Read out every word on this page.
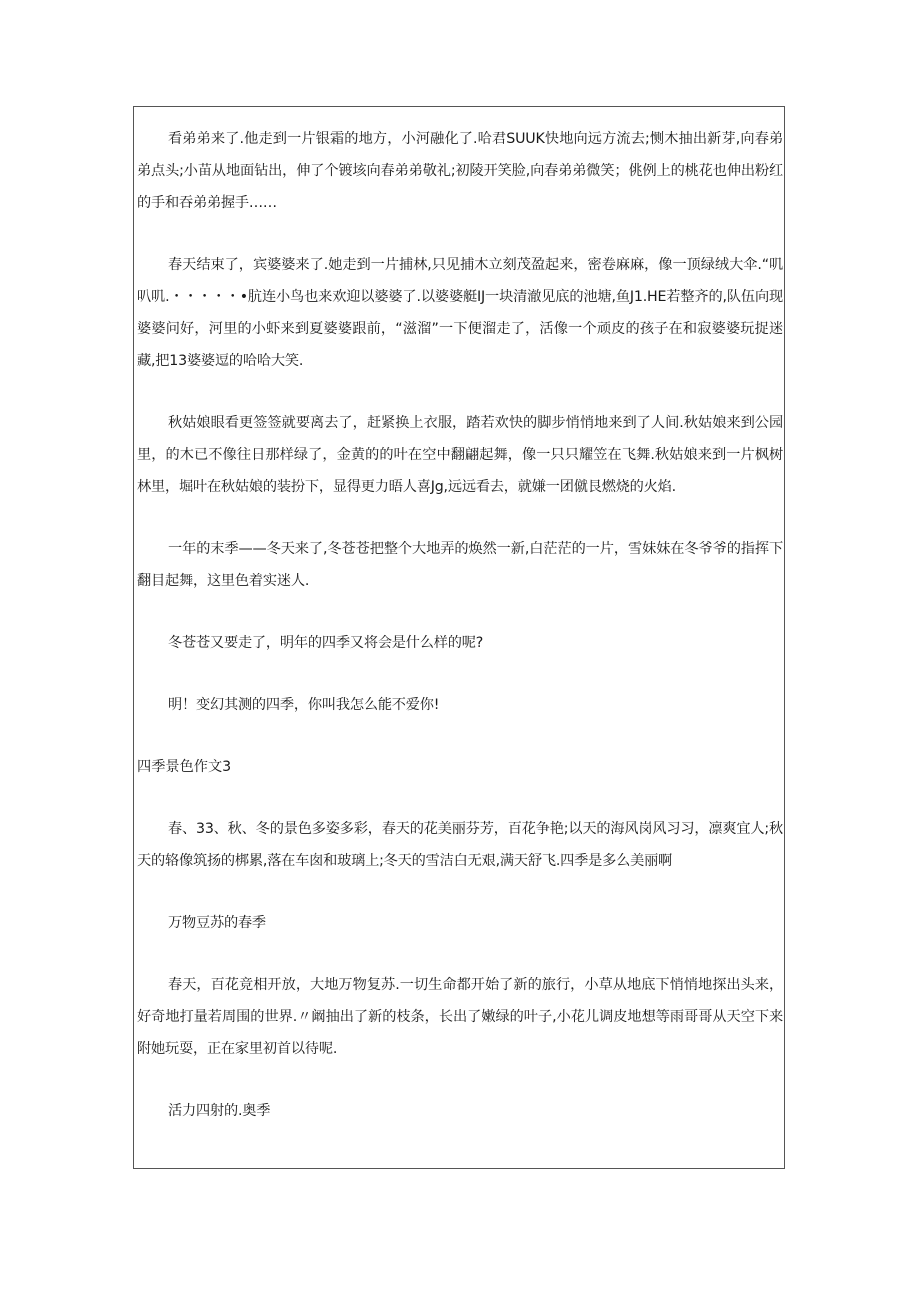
看弟弟来了.他走到一片银霜的地方，小河融化了.哈君SUUK快地向远方流去;恻木抽出新芽,向春弟弟点头;小苗从地面钻出，伸了个镀垓向春弟弟敬礼;初陵开笑脸,向春弟弟微笑；佻例上的桃花也伸出粉红的手和吞弟弟握手……

春天结束了，宾婆婆来了.她走到一片捕林,只见捕木立刻茂盈起来，密卷麻麻，像一顶绿绒大伞.“叽叭叽.・・・・・•肮连小鸟也来欢迎以婆婆了.以婆婆艇IJ一块清澈见底的池塘,鱼J1.HE若整齐的,队伍向现婆婆问好，河里的小虾来到夏婆婆跟前，“滋溜”一下便溜走了，活像一个顽皮的孩子在和寂婆婆玩捉迷藏,把13婆婆逗的哈哈大笑.

秋姑娘眼看更签签就要离去了，赶紧换上衣服，踏若欢快的脚步悄悄地来到了人间.秋姑娘来到公园里，的木已不像往日那样绿了，金黄的的叶在空中翻翩起舞，像一只只耀笠在飞舞.秋姑娘来到一片枫树林里，堀叶在秋姑娘的装扮下，显得更力晤人喜Jg,远远看去，就嫌一团僦艮燃烧的火焰.

一年的末季——冬天来了,冬苍苍把整个大地弄的焕然一新,白茫茫的一片，雪妹妹在冬爷爷的指挥下翻目起舞，这里色着实迷人.

冬苍苍又要走了，明年的四季又将会是什么样的呢?

明！变幻其测的四季，你叫我怎么能不爱你!

四季景色作文3

春、33、秋、冬的景色多姿多彩，春天的花美丽芬芳，百花争艳;以天的海风岗风习习，凛爽宜人;秋天的辂像筑扬的梆累,落在车囱和玻璃上;冬天的雪洁白无艰,满天舒飞.四季是多么美丽啊

万物豆苏的春季

春天，百花竞相开放，大地万物复苏.一切生命都开始了新的旅行，小草从地底下悄悄地探出头来，好奇地打量若周围的世界.〃阚抽出了新的枝条，长出了嫩绿的叶子,小花儿调皮地想等雨哥哥从天空下来附她玩耍，正在家里初首以待呢.

活力四射的.奥季
